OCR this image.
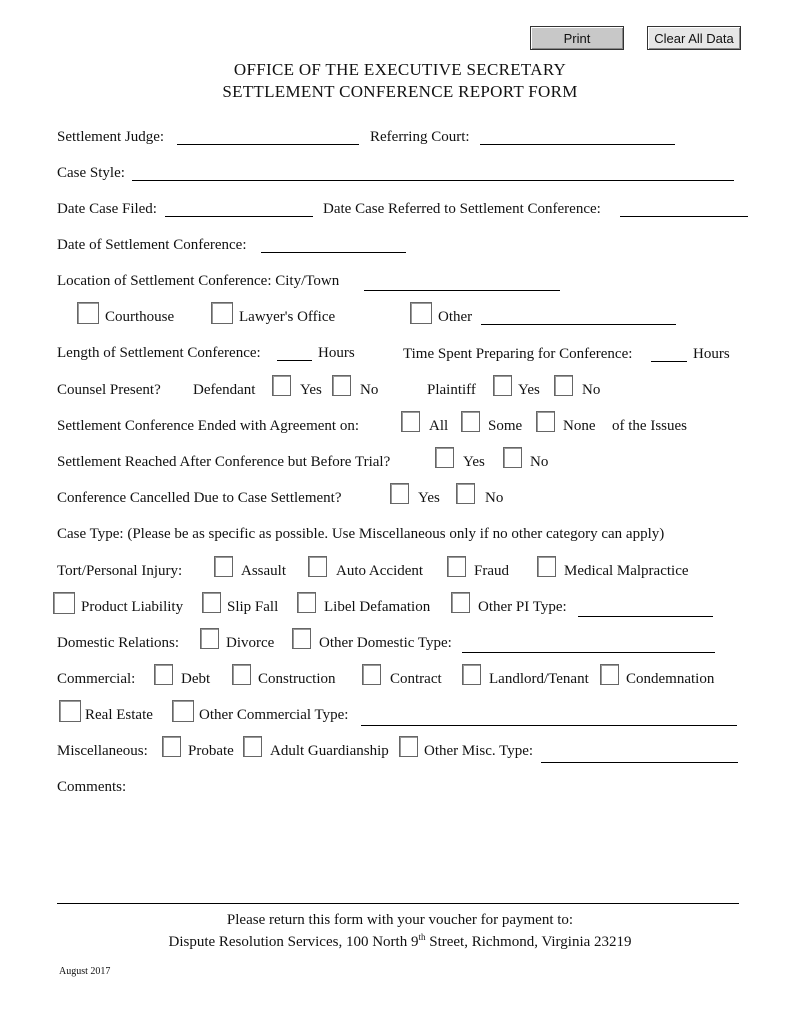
Print	Clear All Data
OFFICE OF THE EXECUTIVE SECRETARY
SETTLEMENT CONFERENCE REPORT FORM
Settlement Judge:	Referring Court:
Case Style:
Date Case Filed:	Date Case Referred to Settlement Conference:
Date of Settlement Conference:
Location of Settlement Conference: City/Town
Courthouse	Lawyer's Office	Other
Length of Settlement Conference:	Hours	Time Spent Preparing for Conference:	Hours
Counsel Present? Defendant	Yes	No	Plaintiff	Yes	No
Settlement Conference Ended with Agreement on:	All	Some	None of the Issues
Settlement Reached After Conference but Before Trial?	Yes	No
Conference Cancelled Due to Case Settlement?	Yes	No
Case Type: (Please be as specific as possible. Use Miscellaneous only if no other category can apply)
Tort/Personal Injury:	Assault	Auto Accident	Fraud	Medical Malpractice
Product Liability	Slip Fall	Libel Defamation	Other PI Type:
Domestic Relations:	Divorce	Other Domestic Type:
Commercial:	Debt	Construction	Contract	Landlord/Tenant Condemnation
Real Estate	Other Commercial Type:
Miscellaneous:	Probate Adult Guardianship Other Misc. Type:
Comments:
Please return this form with your voucher for payment to:
Dispute Resolution Services, 100 North 9th Street, Richmond, Virginia 23219
August 2017
